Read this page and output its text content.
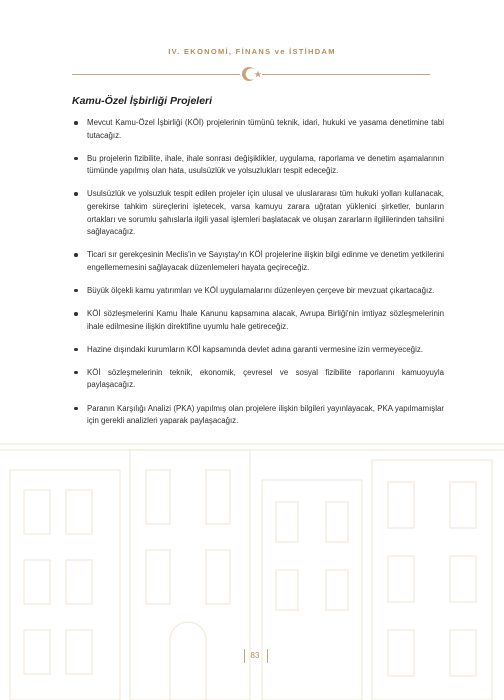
IV. EKONOMİ, FİNANS ve İSTİHDAM
Kamu-Özel İşbirliği Projeleri
Mevcut Kamu-Özel İşbirliği (KÖİ) projelerinin tümünü teknik, idari, hukuki ve yasama denetimine tabi tutacağız.
Bu projelerin fizibilite, ihale, ihale sonrası değişiklikler, uygulama, raporlama ve denetim aşamalarının tümünde yapılmış olan hata, usulsüzlük ve yolsuzlukları tespit edeceğiz.
Usulsüzlük ve yolsuzluk tespit edilen projeler için ulusal ve uluslararası tüm hukuki yolları kullanacak, gerekirse tahkim süreçlerini işletecek, varsa kamuyu zarara uğratan yüklenici şirketler, bunların ortakları ve sorumlu şahıslarla ilgili yasal işlemleri başlatacak ve oluşan zararların ilgililerinden tahsilini sağlayacağız.
Ticari sır gerekçesinin Meclis'in ve Sayıştay'ın KÖİ projelerine ilişkin bilgi edinme ve denetim yetkilerini engellememesini sağlayacak düzenlemeleri hayata geçireceğiz.
Büyük ölçekli kamu yatırımları ve KÖİ uygulamalarını düzenleyen çerçeve bir mevzuat çıkartacağız.
KÖİ sözleşmelerini Kamu İhale Kanunu kapsamına alacak, Avrupa Birliği'nin imtiyaz sözleşmelerinin ihale edilmesine ilişkin direktifine uyumlu hale getireceğiz.
Hazine dışındaki kurumların KÖİ kapsamında devlet adına garanti vermesine izin vermeyeceğiz.
KÖİ sözleşmelerinin teknik, ekonomik, çevresel ve sosyal fizibilite raporlarını kamuoyuyla paylaşacağız.
Paranın Karşılığı Analizi (PKA) yapılmış olan projelere ilişkin bilgileri yayınlayacak, PKA yapılmamışlar için gerekli analizleri yaparak paylaşacağız.
83
